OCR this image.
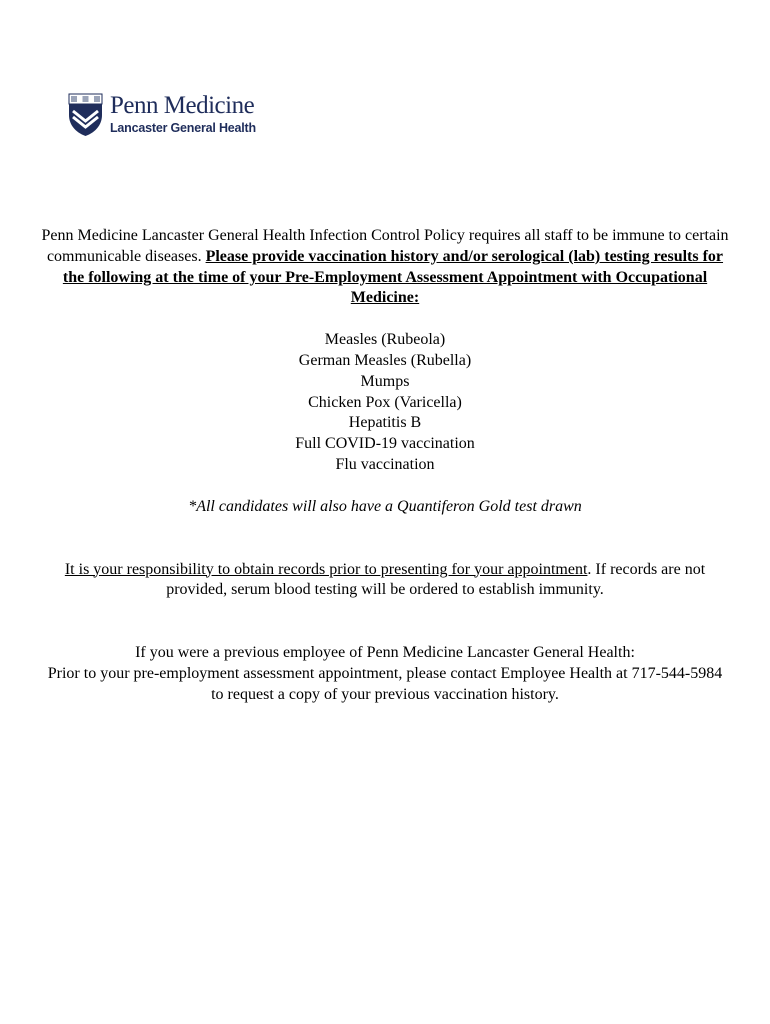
Penn Medicine
Lancaster General Health

Penn Medicine Lancaster General Health Infection Control Policy requires all staff to be immune to certain communicable diseases. Please provide vaccination history and/or serological (lab) testing results for the following at the time of your Pre-Employment Assessment Appointment with Occupational Medicine:

Measles (Rubeola)
German Measles (Rubella)
Mumps
Chicken Pox (Varicella)
Hepatitis B
Full COVID-19 vaccination
Flu vaccination

*All candidates will also have a Quantiferon Gold test drawn

It is your responsibility to obtain records prior to presenting for your appointment. If records are not provided, serum blood testing will be ordered to establish immunity.

If you were a previous employee of Penn Medicine Lancaster General Health:
Prior to your pre-employment assessment appointment, please contact Employee Health at 717-544-5984 to request a copy of your previous vaccination history.
